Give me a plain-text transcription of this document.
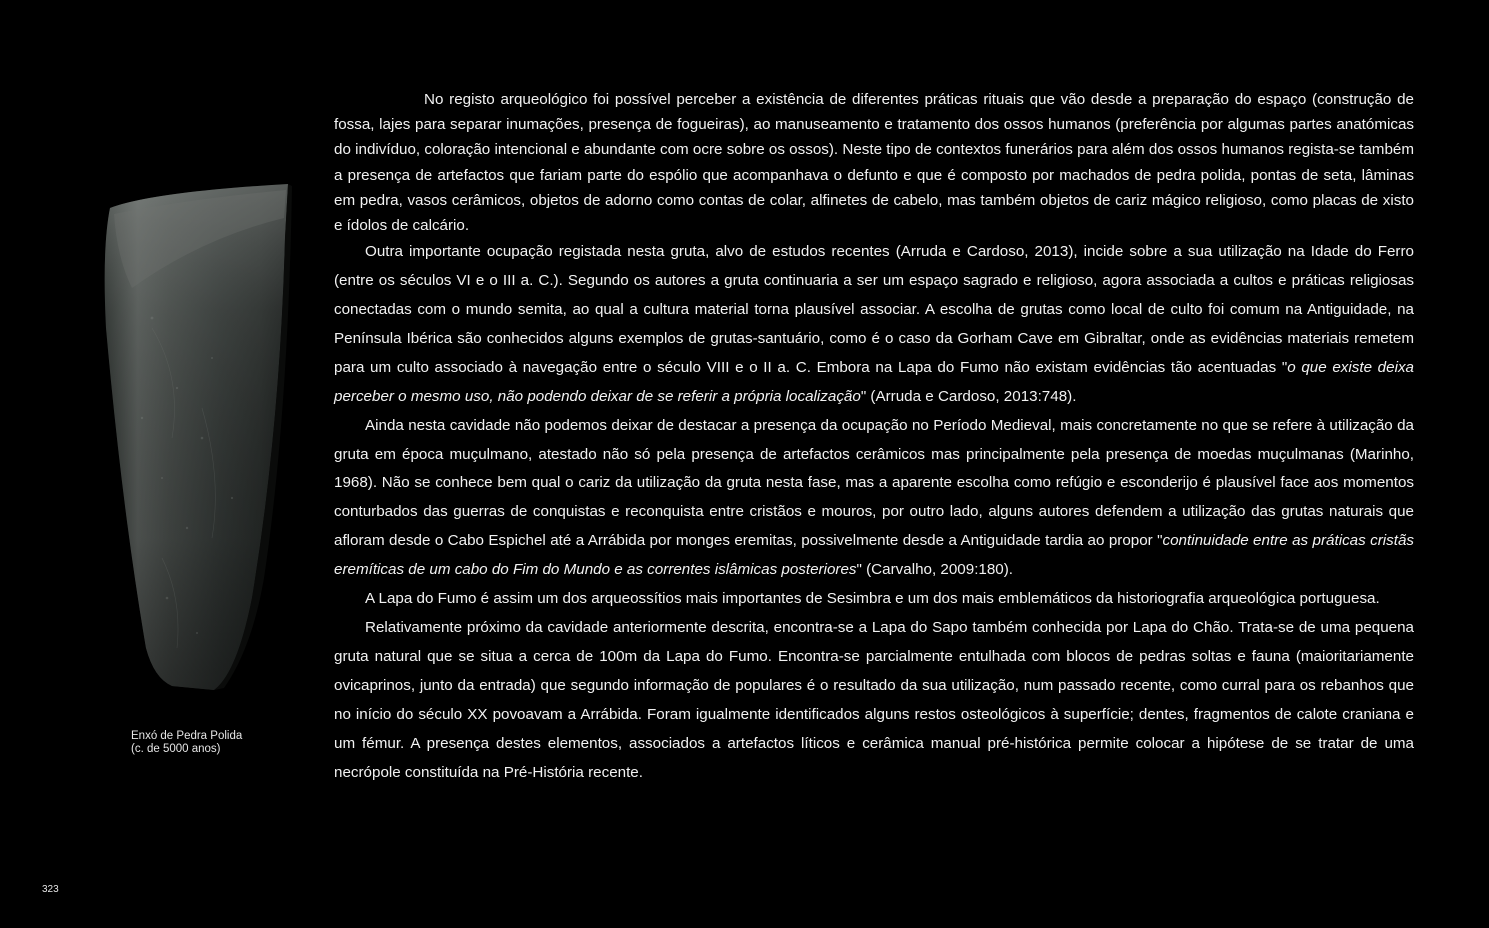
Enxó de Pedra Polida
(c. de 5000 anos)
323

No registo arqueológico foi possível perceber a existência de diferentes práticas rituais que vão desde a preparação do espaço (construção de fossa, lajes para separar inumações, presença de fogueiras), ao manuseamento e tratamento dos ossos humanos (preferência por algumas partes anatómicas do indivíduo, coloração intencional e abundante com ocre sobre os ossos). Neste tipo de contextos funerários para além dos ossos humanos regista-se também a presença de artefactos que fariam parte do espólio que acompanhava o defunto e que é composto por machados de pedra polida, pontas de seta, lâminas em pedra, vasos cerâmicos, objetos de adorno como contas de colar, alfinetes de cabelo, mas também objetos de cariz mágico religioso, como placas de xisto e ídolos de calcário.

Outra importante ocupação registada nesta gruta, alvo de estudos recentes (Arruda e Cardoso, 2013), incide sobre a sua utilização na Idade do Ferro (entre os séculos VI e o III a. C.). Segundo os autores a gruta continuaria a ser um espaço sagrado e religioso, agora associada a cultos e práticas religiosas conectadas com o mundo semita, ao qual a cultura material torna plausível associar. A escolha de grutas como local de culto foi comum na Antiguidade, na Península Ibérica são conhecidos alguns exemplos de grutas-santuário, como é o caso da Gorham Cave em Gibraltar, onde as evidências materiais remetem para um culto associado à navegação entre o século VIII e o II a. C. Embora na Lapa do Fumo não existam evidências tão acentuadas "o que existe deixa perceber o mesmo uso, não podendo deixar de se referir a própria localização" (Arruda e Cardoso, 2013:748).

Ainda nesta cavidade não podemos deixar de destacar a presença da ocupação no Período Medieval, mais concretamente no que se refere à utilização da gruta em época muçulmano, atestado não só pela presença de artefactos cerâmicos mas principalmente pela presença de moedas muçulmanas (Marinho, 1968). Não se conhece bem qual o cariz da utilização da gruta nesta fase, mas a aparente escolha como refúgio e esconderijo é plausível face aos momentos conturbados das guerras de conquistas e reconquista entre cristãos e mouros, por outro lado, alguns autores defendem a utilização das grutas naturais que afloram desde o Cabo Espichel até a Arrábida por monges eremitas, possivelmente desde a Antiguidade tardia ao propor "continuidade entre as práticas cristãs eremíticas de um cabo do Fim do Mundo e as correntes islâmicas posteriores" (Carvalho, 2009:180).

A Lapa do Fumo é assim um dos arqueossítios mais importantes de Sesimbra e um dos mais emblemáticos da historiografia arqueológica portuguesa.

Relativamente próximo da cavidade anteriormente descrita, encontra-se a Lapa do Sapo também conhecida por Lapa do Chão. Trata-se de uma pequena gruta natural que se situa a cerca de 100m da Lapa do Fumo. Encontra-se parcialmente entulhada com blocos de pedras soltas e fauna (maioritariamente ovicaprinos, junto da entrada) que segundo informação de populares é o resultado da sua utilização, num passado recente, como curral para os rebanhos que no início do século XX povoavam a Arrábida. Foram igualmente identificados alguns restos osteológicos à superfície; dentes, fragmentos de calote craniana e um fémur. A presença destes elementos, associados a artefactos líticos e cerâmica manual pré-histórica permite colocar a hipótese de se tratar de uma necrópole constituída na Pré-História recente.
